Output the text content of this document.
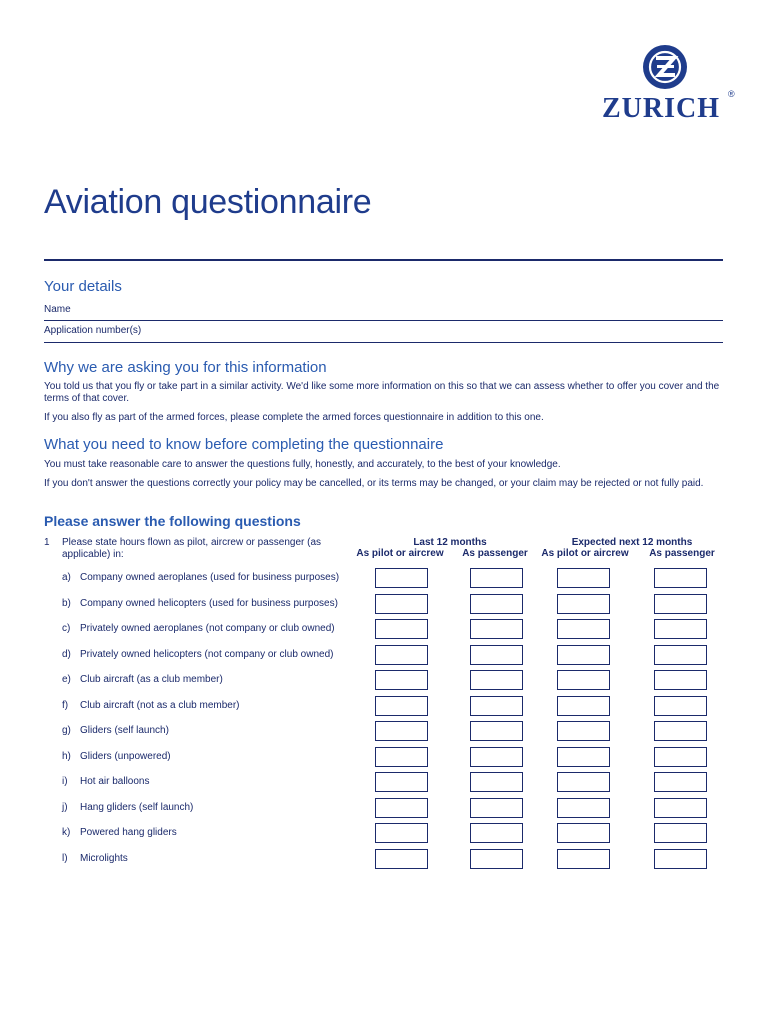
ZURICH ®
Aviation questionnaire
Your details
Name
Application number(s)
Why we are asking you for this information

You told us that you fly or take part in a similar activity. We'd like some more information on this so that we can assess whether to offer you cover and the terms of that cover.

If you also fly as part of the armed forces, please complete the armed forces questionnaire in addition to this one.

What you need to know before completing the questionnaire

You must take reasonable care to answer the questions fully, honestly, and accurately, to the best of your knowledge.

If you don't answer the questions correctly your policy may be cancelled, or its terms may be changed, or your claim may be rejected or not fully paid.

Please answer the following questions
1 Please state hours flown as pilot, aircrew or passenger (as applicable) in:
Last 12 months	Expected next 12 months
As pilot or aircrew	As passenger	As pilot or aircrew	As passenger
a) Company owned aeroplanes (used for business purposes)
b) Company owned helicopters (used for business purposes)
c) Privately owned aeroplanes (not company or club owned)
d) Privately owned helicopters (not company or club owned)
e) Club aircraft (as a club member)
f) Club aircraft (not as a club member)
g) Gliders (self launch)
h) Gliders (unpowered)
i) Hot air balloons
j) Hang gliders (self launch)
k) Powered hang gliders
l) Microlights
